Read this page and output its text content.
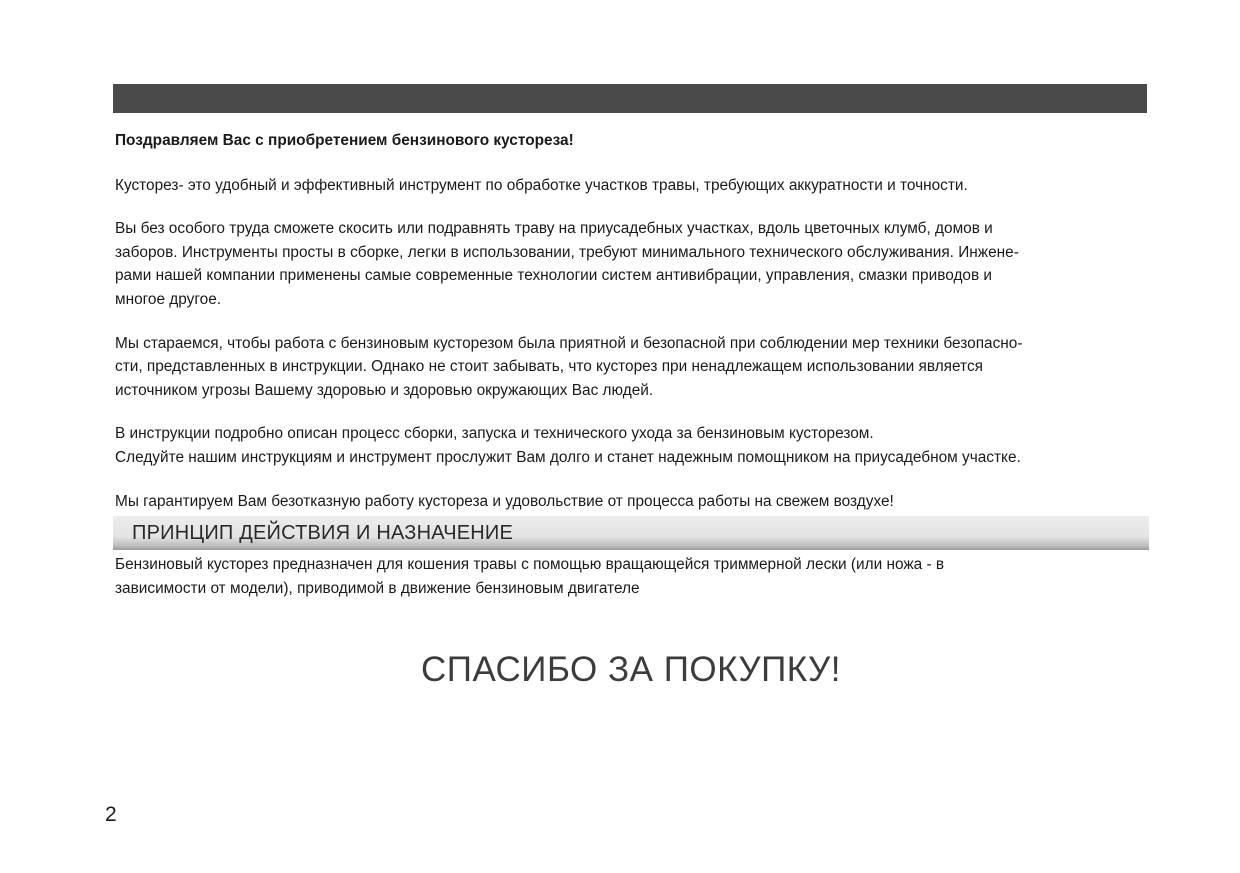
Поздравляем Вас с приобретением бензинового кустореза!

Кусторез- это удобный и эффективный инструмент по обработке участков травы, требующих аккуратности и точности.

Вы без особого труда сможете скосить или подравнять траву на приусадебных участках, вдоль цветочных клумб, домов и

заборов. Инструменты просты в сборке, легки в использовании, требуют минимального технического обслуживания. Инжене-

рами нашей компании применены самые современные технологии систем антивибрации, управления, смазки приводов и

многое другое.

Мы стараемся, чтобы работа с бензиновым кусторезом была приятной и безопасной при соблюдении мер техники безопасно-

сти, представленных в инструкции. Однако не стоит забывать, что кусторез при ненадлежащем использовании является

источником угрозы Вашему здоровью и здоровью окружающих Вас людей.

В инструкции подробно описан процесс сборки, запуска и технического ухода за бензиновым кусторезом.

Следуйте нашим инструкциям и инструмент прослужит Вам долго и станет надежным помощником на приусадебном участке.

Мы гарантируем Вам безотказную работу кустореза и удовольствие от процесса работы на свежем воздухе!

ПРИНЦИП ДЕЙСТВИЯ И НАЗНАЧЕНИЕ

Бензиновый кусторез предназначен для кошения травы с помощью вращающейся триммерной лески (или ножа - в

зависимости от модели), приводимой в движение бензиновым двигателе

СПАСИБО ЗА ПОКУПКУ!
2
